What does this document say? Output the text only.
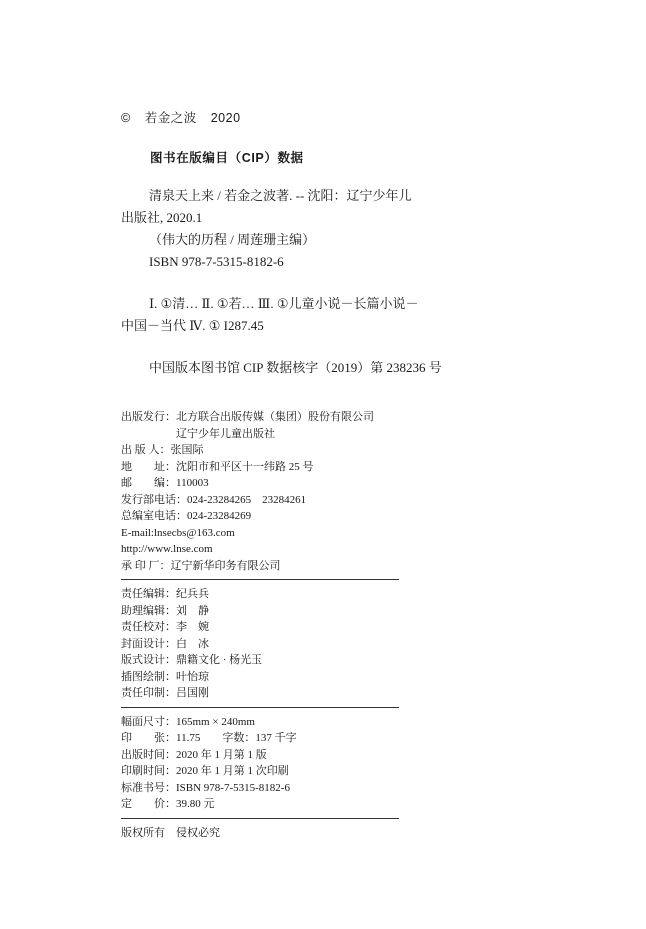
© 若金之波 2020
图书在版编目（CIP）数据
清泉天上来 / 若金之波著. -- 沈阳：辽宁少年儿
出版社, 2020.1
（伟大的历程 / 周莲珊主编）
ISBN 978-7-5315-8182-6
Ⅰ. ①清… Ⅱ. ①若… Ⅲ. ①儿童小说－长篇小说－
中国－当代 Ⅳ. ① I287.45
中国版本图书馆 CIP 数据核字（2019）第 238236 号
出版发行： 北方联合出版传媒（集团）股份有限公司
辽宁少年儿童出版社
出 版 人： 张国际
地　　址： 沈阳市和平区十一纬路 25 号
邮　　编： 110003
发行部电话： 024-23284265　23284261
总编室电话： 024-23284269
E-mail:lnsecbs@163.com
http://www.lnse.com
承 印 厂： 辽宁新华印务有限公司
责任编辑： 纪兵兵
助理编辑： 刘　静
责任校对： 李　婉
封面设计： 白　冰
版式设计： 鼎籍文化 · 杨光玉
插图绘制： 叶怡琼
责任印制： 吕国刚
幅面尺寸： 165mm × 240mm
印　　张： 11.75 字数： 137 千字
出版时间： 2020 年 1 月第 1 版
印刷时间： 2020 年 1 月第 1 次印刷
标准书号： ISBN 978-7-5315-8182-6
定　　价： 39.80 元
版权所有　侵权必究
